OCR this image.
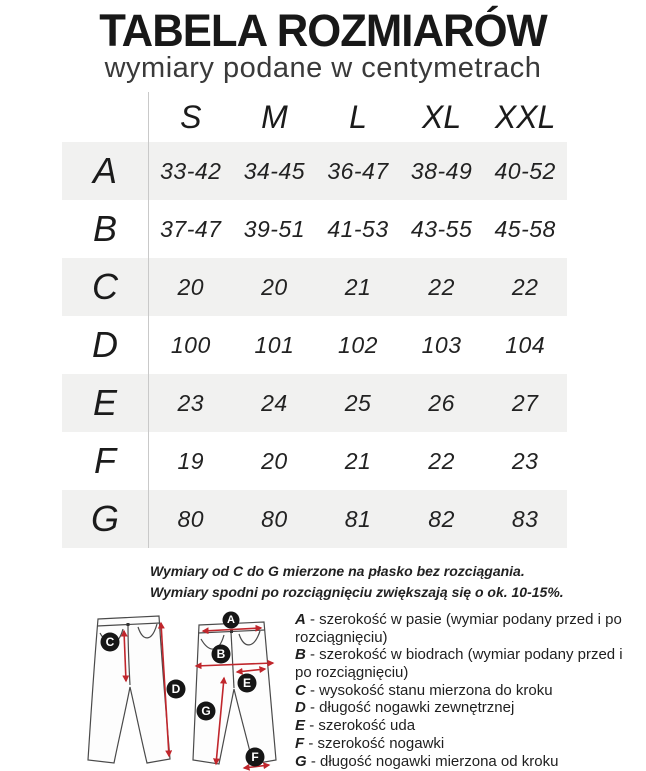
TABELA ROZMIARÓW
wymiary podane w centymetrach
S	M	L	XL	XXL
A	33-42 34-45 36-47 38-49 40-52
B	37-47 39-51 41-53 43-55 45-58
C	20	20	21	22	22
D	100	101	102	103	104
E	23	24	25	26	27
F	19	20	21	22	23
G	80	80	81	82	83
Wymiary od C do G mierzone na płasko bez rozciągania.
Wymiary spodni po rozciągnięciu zwiększają się o ok. 10-15%.
C
D
A
B
E
G
F
A - szerokość w pasie (wymiar podany przed i po rozciągnięciu)
B - szerokość w biodrach (wymiar podany przed i po rozciągnięciu)
C - wysokość stanu mierzona do kroku
D - długość nogawki zewnętrznej
E - szerokość uda
F - szerokość nogawki
G - długość nogawki mierzona od kroku
